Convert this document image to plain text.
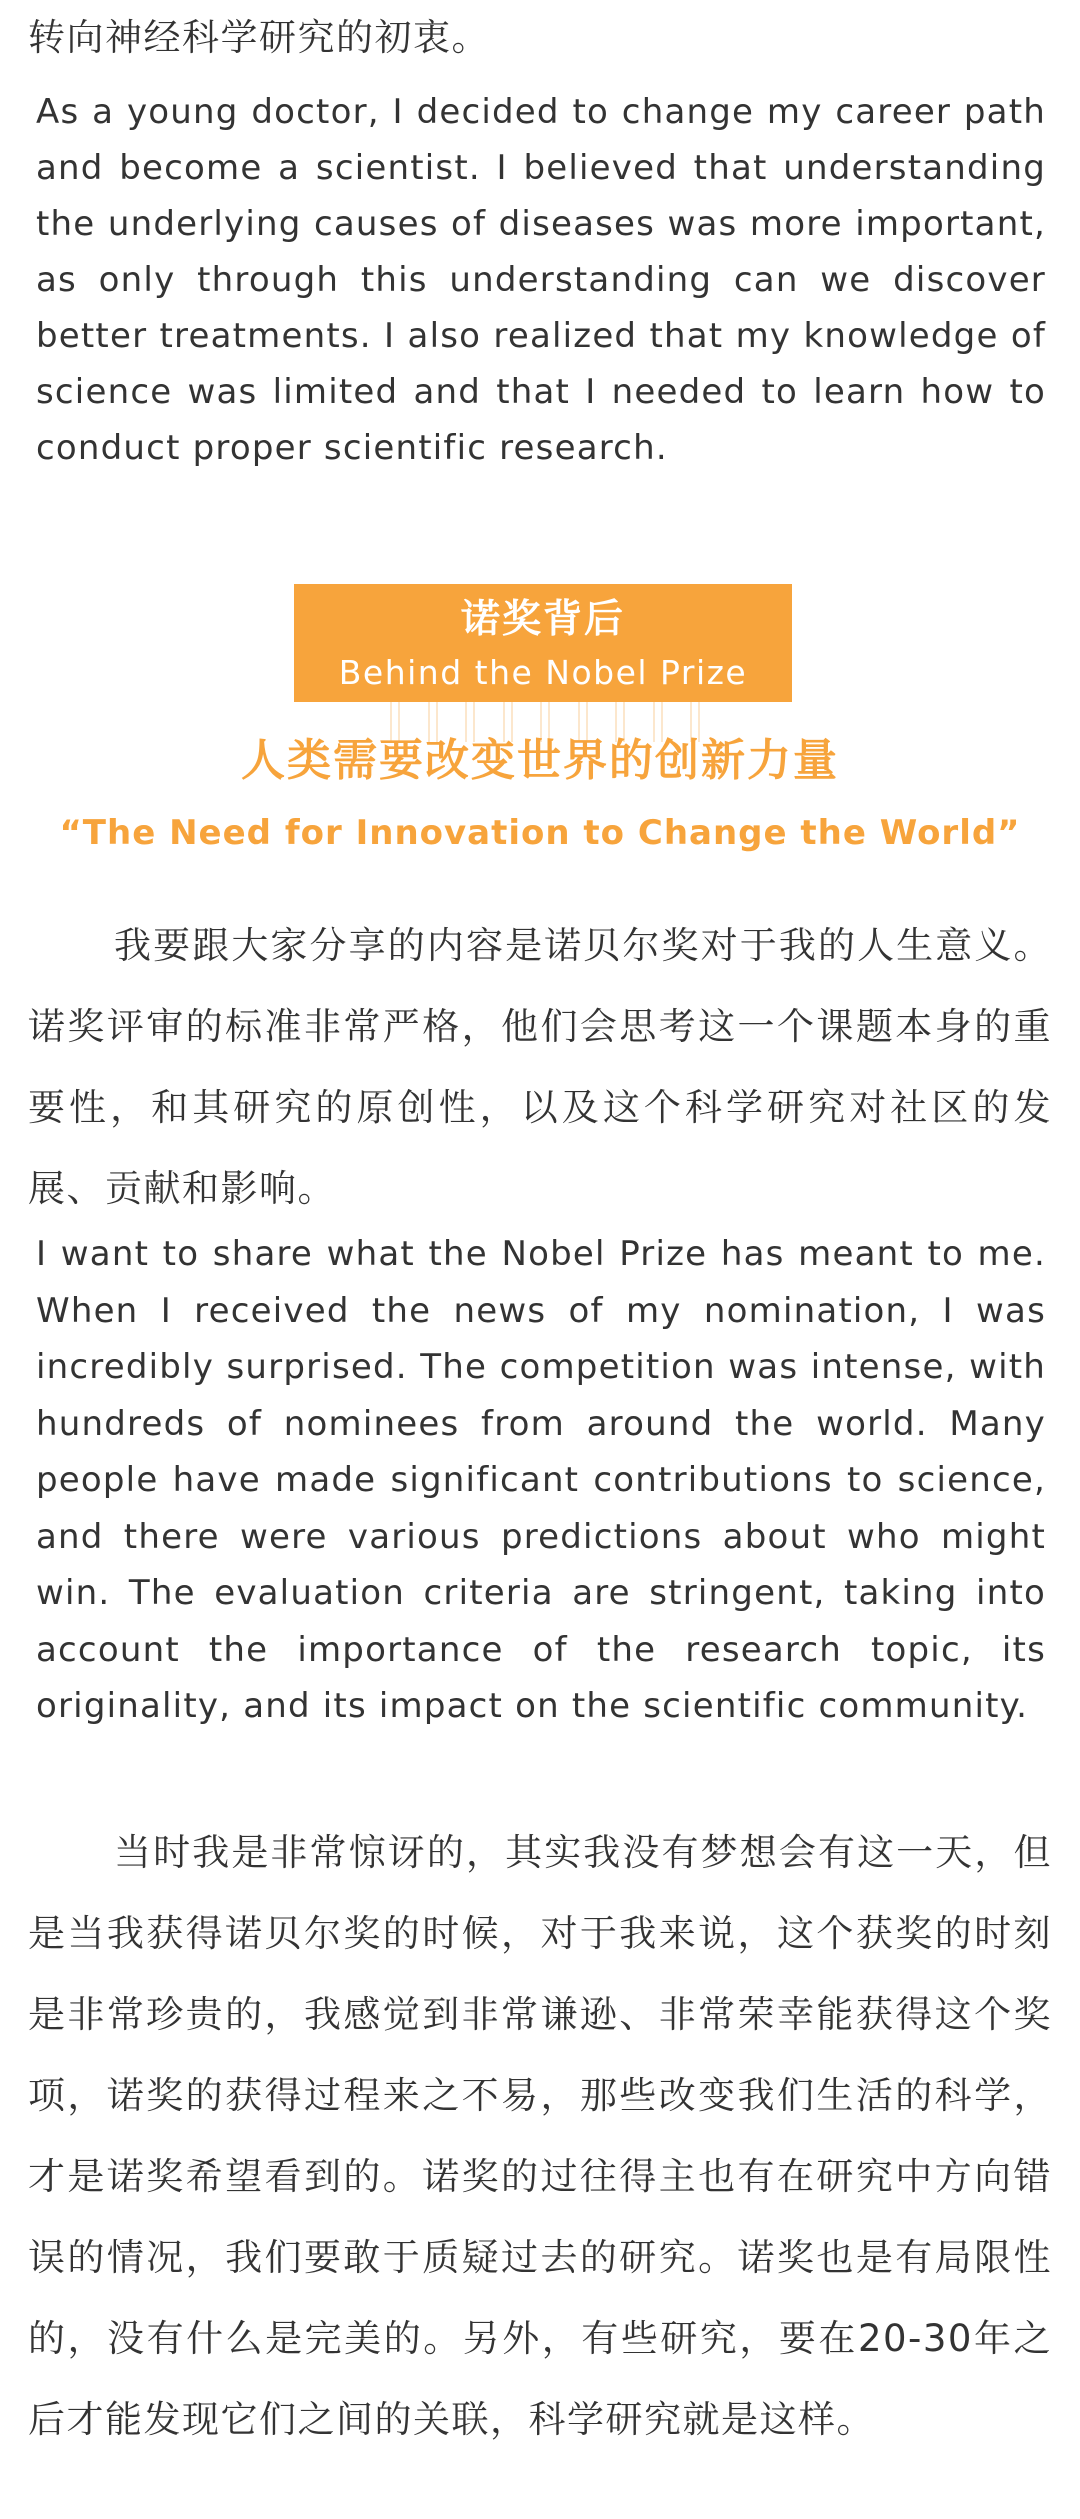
转向神经科学研究的初衷。

As a young doctor, I decided to change my career path and become a scientist. I believed that understanding the underlying causes of diseases was more important, as only through this understanding can we discover better treatments. I also realized that my knowledge of science was limited and that I needed to learn how to conduct proper scientific research.

诺奖背后
Behind the Nobel Prize
人类需要改变世界的创新力量
“The Need for Innovation to Change the World”

我要跟大家分享的内容是诺贝尔奖对于我的人生意义。诺奖评审的标准非常严格，他们会思考这一个课题本身的重要性，和其研究的原创性，以及这个科学研究对社区的发展、贡献和影响。

I want to share what the Nobel Prize has meant to me. When I received the news of my nomination, I was incredibly surprised. The competition was intense, with hundreds of nominees from around the world. Many people have made significant contributions to science, and there were various predictions about who might win. The evaluation criteria are stringent, taking into account the importance of the research topic, its originality, and its impact on the scientific community.

当时我是非常惊讶的，其实我没有梦想会有这一天，但是当我获得诺贝尔奖的时候，对于我来说，这个获奖的时刻是非常珍贵的，我感觉到非常谦逊、非常荣幸能获得这个奖项，诺奖的获得过程来之不易，那些改变我们生活的科学，才是诺奖希望看到的。诺奖的过往得主也有在研究中方向错误的情况，我们要敢于质疑过去的研究。诺奖也是有局限性的，没有什么是完美的。另外，有些研究，要在20-30年之后才能发现它们之间的关联，科学研究就是这样。
